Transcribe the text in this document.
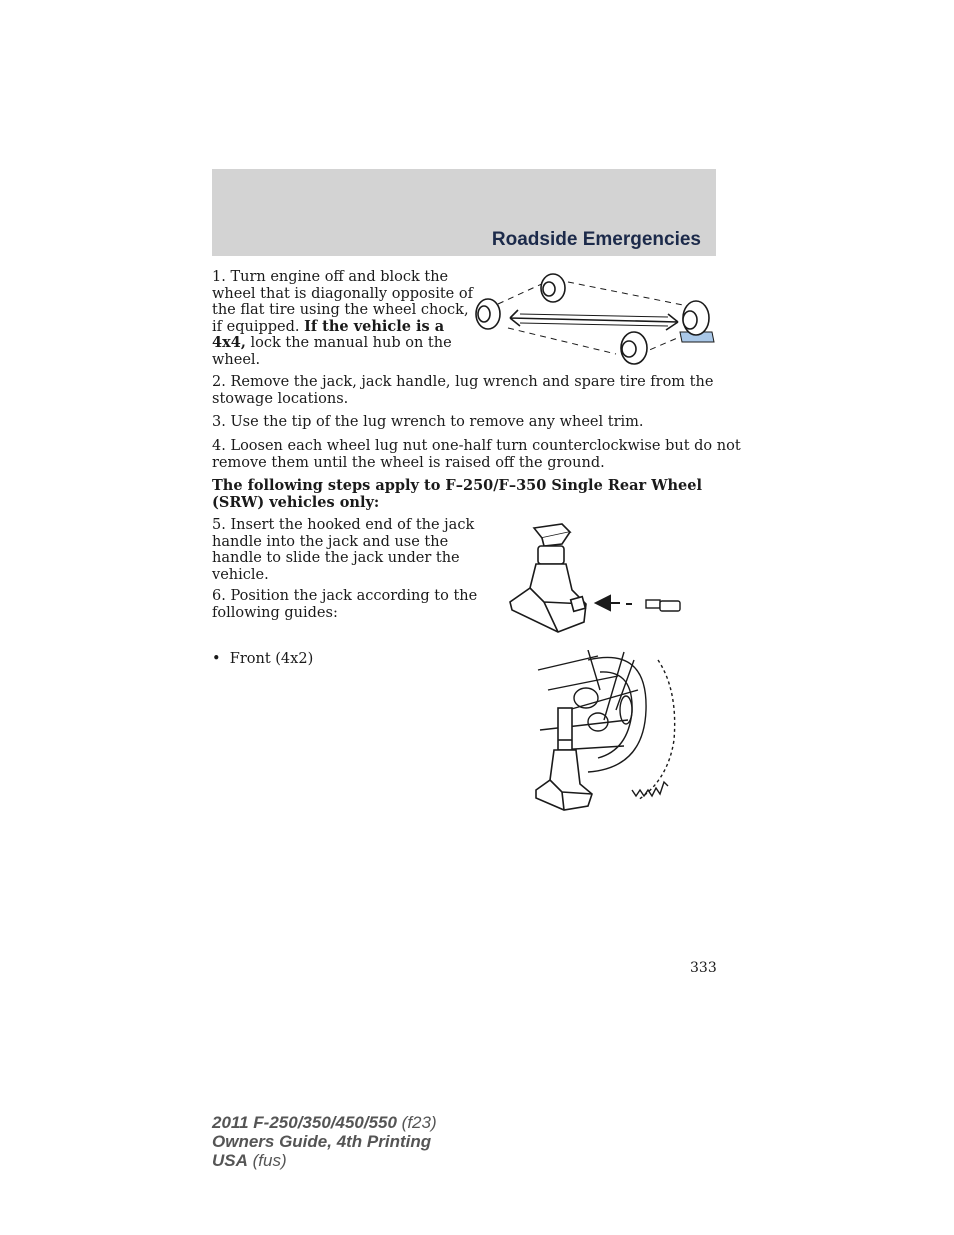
Roadside Emergencies
1. Turn engine off and block the
wheel that is diagonally opposite of
the flat tire using the wheel chock,
if equipped. If the vehicle is a
4x4, lock the manual hub on the
wheel.
2. Remove the jack, jack handle, lug wrench and spare tire from the
stowage locations.
3. Use the tip of the lug wrench to remove any wheel trim.
4. Loosen each wheel lug nut one-half turn counterclockwise but do not
remove them until the wheel is raised off the ground.
The following steps apply to F–250/F–350 Single Rear Wheel
(SRW) vehicles only:
5. Insert the hooked end of the jack
handle into the jack and use the
handle to slide the jack under the
vehicle.
6. Position the jack according to the
following guides:
•  Front (4x2)
333
2011 F-250/350/450/550 (f23)
Owners Guide, 4th Printing
USA (fus)
